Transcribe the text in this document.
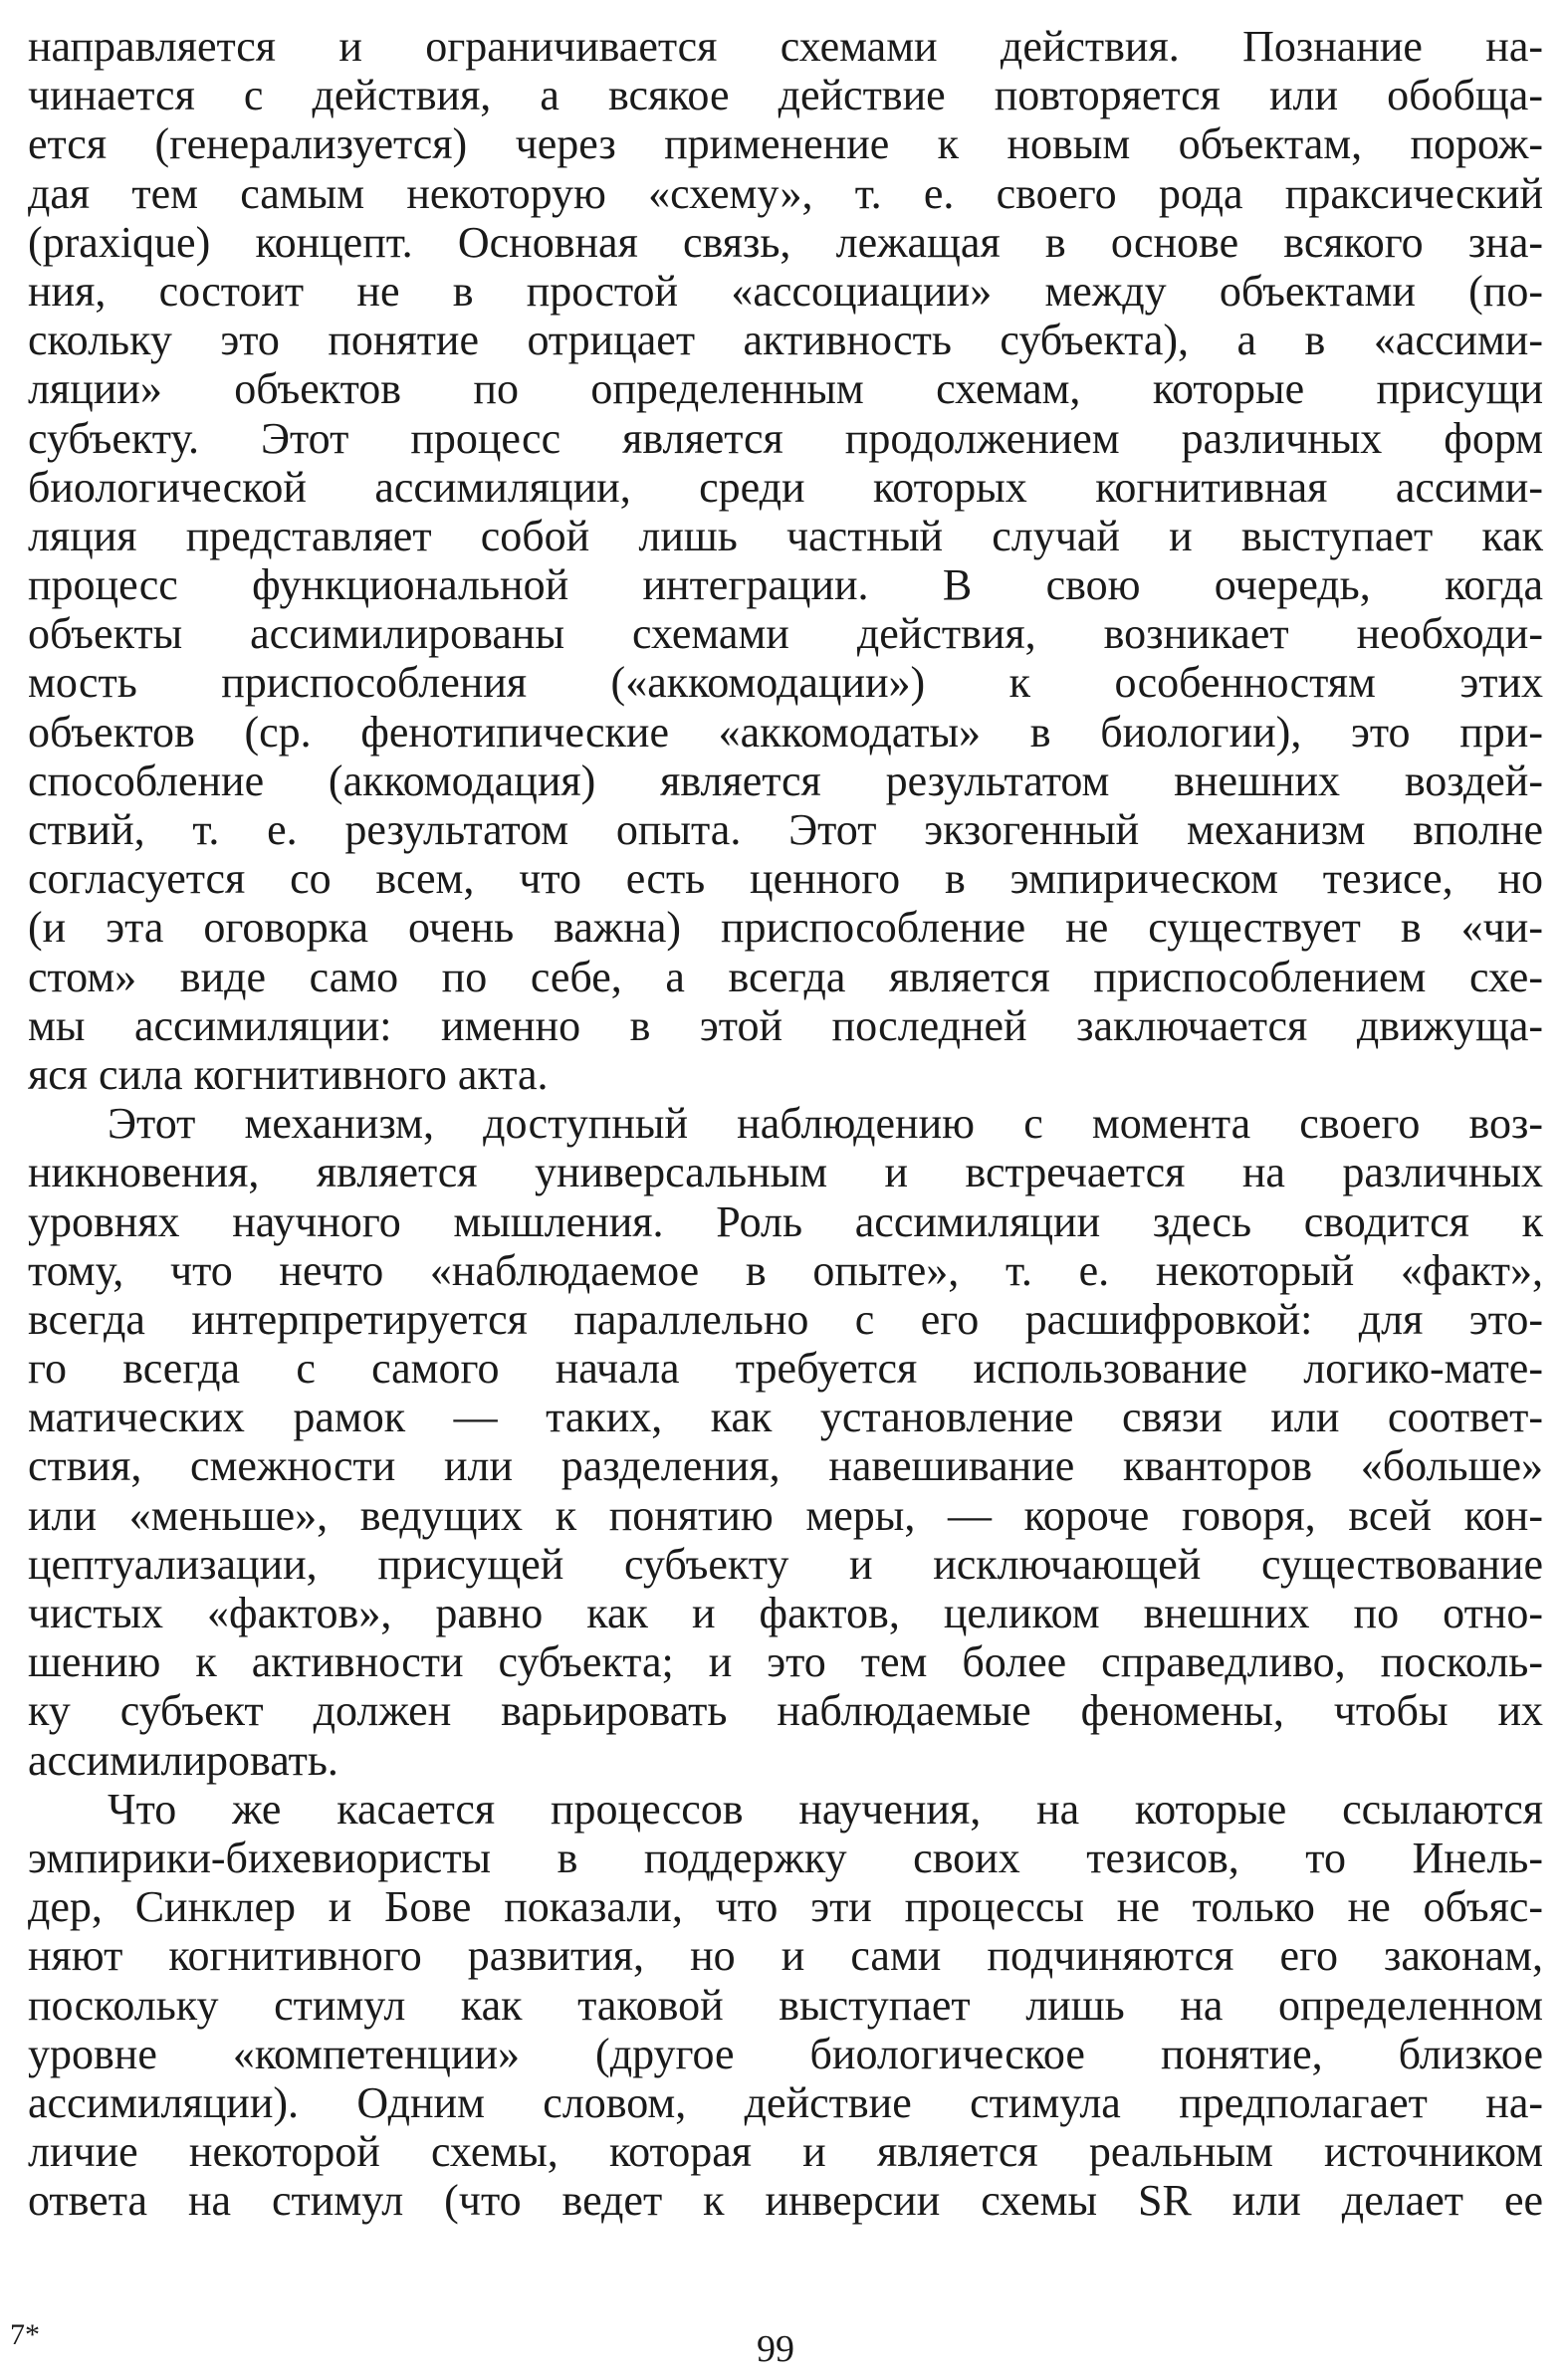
направляется и ограничивается схемами действия. Познание на-
чинается с действия, а всякое действие повторяется или обобща-
ется (генерализуется) через применение к новым объектам, порож-
дая тем самым некоторую «схему», т. е. своего рода праксический
(praxique) концепт. Основная связь, лежащая в основе всякого зна-
ния, состоит не в простой «ассоциации» между объектами (по-
скольку это понятие отрицает активность субъекта), а в «ассими-
ляции» объектов по определенным схемам, которые присущи
субъекту. Этот процесс является продолжением различных форм
биологической ассимиляции, среди которых когнитивная ассими-
ляция представляет собой лишь частный случай и выступает как
процесс функциональной интеграции. В свою очередь, когда
объекты ассимилированы схемами действия, возникает необходи-
мость приспособления («аккомодации») к особенностям этих
объектов (ср. фенотипические «аккомодаты» в биологии), это при-
способление (аккомодация) является результатом внешних воздей-
ствий, т. е. результатом опыта. Этот экзогенный механизм вполне
согласуется со всем, что есть ценного в эмпирическом тезисе, но
(и эта оговорка очень важна) приспособление не существует в «чи-
стом» виде само по себе, а всегда является приспособлением схе-
мы ассимиляции: именно в этой последней заключается движуща-
яся сила когнитивного акта.
Этот механизм, доступный наблюдению с момента своего воз-
никновения, является универсальным и встречается на различных
уровнях научного мышления. Роль ассимиляции здесь сводится к
тому, что нечто «наблюдаемое в опыте», т. е. некоторый «факт»,
всегда интерпретируется параллельно с его расшифровкой: для это-
го всегда с самого начала требуется использование логико-мате-
матических рамок — таких, как установление связи или соответ-
ствия, смежности или разделения, навешивание кванторов «больше»
или «меньше», ведущих к понятию меры, — короче говоря, всей кон-
цептуализации, присущей субъекту и исключающей существование
чистых «фактов», равно как и фактов, целиком внешних по отно-
шению к активности субъекта; и это тем более справедливо, посколь-
ку субъект должен варьировать наблюдаемые феномены, чтобы их
ассимилировать.
Что же касается процессов научения, на которые ссылаются
эмпирики-бихевиористы в поддержку своих тезисов, то Инель-
дер, Синклер и Бове показали, что эти процессы не только не объяс-
няют когнитивного развития, но и сами подчиняются его законам,
поскольку стимул как таковой выступает лишь на определенном
уровне «компетенции» (другое биологическое понятие, близкое
ассимиляции). Одним словом, действие стимула предполагает на-
личие некоторой схемы, которая и является реальным источником
ответа на стимул (что ведет к инверсии схемы SR или делает ее
7*	99
